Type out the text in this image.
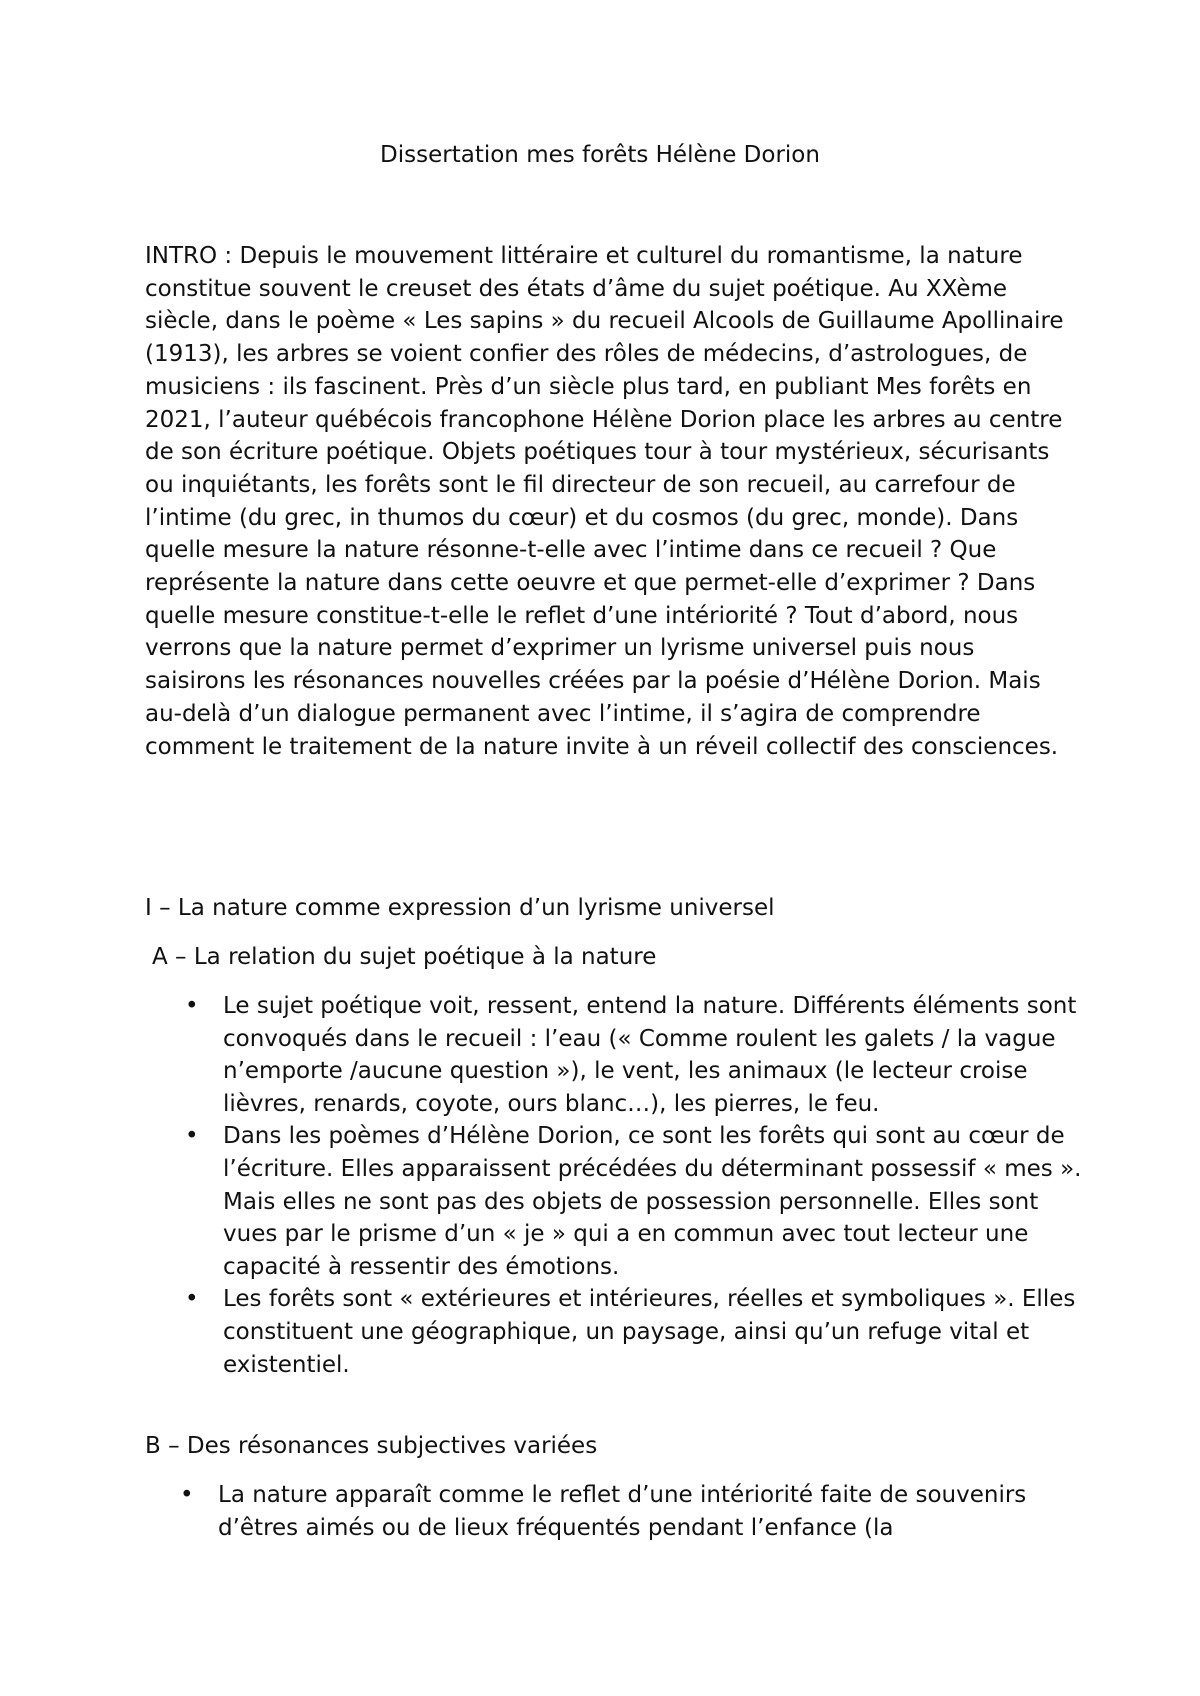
Dissertation mes forêts Hélène Dorion

INTRO : Depuis le mouvement littéraire et culturel du romantisme, la nature constitue souvent le creuset des états d’âme du sujet poétique. Au XXème siècle, dans le poème « Les sapins » du recueil Alcools de Guillaume Apollinaire (1913), les arbres se voient confier des rôles de médecins, d’astrologues, de musiciens : ils fascinent. Près d’un siècle plus tard, en publiant Mes forêts en 2021, l’auteur québécois francophone Hélène Dorion place les arbres au centre de son écriture poétique. Objets poétiques tour à tour mystérieux, sécurisants ou inquiétants, les forêts sont le fil directeur de son recueil, au carrefour de l’intime (du grec, in thumos du cœur) et du cosmos (du grec, monde). Dans quelle mesure la nature résonne-t-elle avec l’intime dans ce recueil ? Que représente la nature dans cette oeuvre et que permet-elle d’exprimer ? Dans quelle mesure constitue-t-elle le reflet d’une intériorité ? Tout d’abord, nous verrons que la nature permet d’exprimer un lyrisme universel puis nous saisirons les résonances nouvelles créées par la poésie d’Hélène Dorion. Mais au-delà d’un dialogue permanent avec l’intime, il s’agira de comprendre comment le traitement de la nature invite à un réveil collectif des consciences.

I – La nature comme expression d’un lyrisme universel
A – La relation du sujet poétique à la nature
•	Le sujet poétique voit, ressent, entend la nature. Différents éléments sont convoqués dans le recueil : l’eau (« Comme roulent les galets / la vague n’emporte /aucune question »), le vent, les animaux (le lecteur croise lièvres, renards, coyote, ours blanc…), les pierres, le feu.
•	Dans les poèmes d’Hélène Dorion, ce sont les forêts qui sont au cœur de l’écriture. Elles apparaissent précédées du déterminant possessif « mes ». Mais elles ne sont pas des objets de possession personnelle. Elles sont vues par le prisme d’un « je » qui a en commun avec tout lecteur une capacité à ressentir des émotions.
•	Les forêts sont « extérieures et intérieures, réelles et symboliques ». Elles constituent une géographique, un paysage, ainsi qu’un refuge vital et existentiel.
B – Des résonances subjectives variées
•	La nature apparaît comme le reflet d’une intériorité faite de souvenirs d’êtres aimés ou de lieux fréquentés pendant l’enfance (la
